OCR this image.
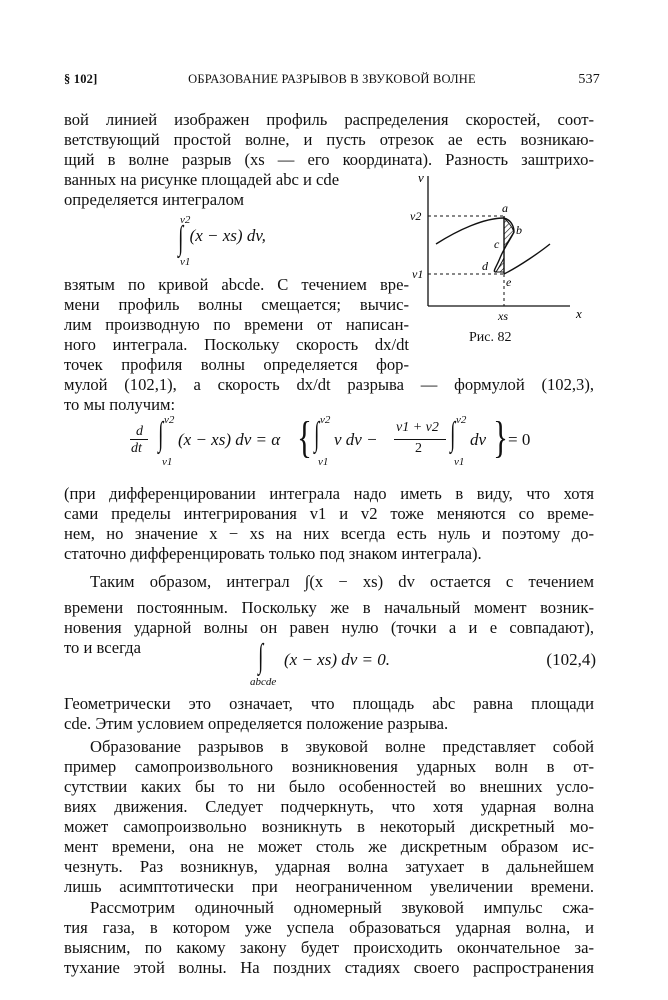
§ 102]	ОБРАЗОВАНИЕ РАЗРЫВОВ В ЗВУКОВОЙ ВОЛНЕ	537
вой линией изображен профиль распределения скоростей, соот-
ветствующий простой волне, и пусть отрезок ae есть возникаю-
щий в волне разрыв (xs — его координата). Разность заштрихо-
ванных на рисунке площадей abc и cde
определяется интегралом
v2
∫
v1
(x − xs) dv,
взятым по кривой abcde. С течением вре-
мени профиль волны смещается; вычис-
лим производную по времени от написан-
ного интеграла. Поскольку скорость dx/dt
точек профиля волны определяется фор-
мулой (102,1), а скорость dx/dt разрыва — формулой (102,3),
то мы получим:
v
x
v2
v1
xs
a
b
c
d
e
Рис. 82
d
dt
v2
∫
v1
(x − xs) dv = α { v2
∫
v1
v dv −
v1 + v2
2
v2
∫
v1
dv } = 0
(при дифференцировании интеграла надо иметь в виду, что хотя
сами пределы интегрирования v1 и v2 тоже меняются со време-
нем, но значение x − xs на них всегда есть нуль и поэтому до-
статочно дифференцировать только под знаком интеграла).
Таким образом, интеграл ∫(x − xs) dv остается с течением
времени постоянным. Поскольку же в начальный момент возник-
новения ударной волны он равен нулю (точки a и e совпадают),
то и всегда	∫
abcde
(x − xs) dv = 0.	(102,4)
Геометрически это означает, что площадь abc равна площади
cde. Этим условием определяется положение разрыва.
Образование разрывов в звуковой волне представляет собой
пример самопроизвольного возникновения ударных волн в от-
сутствии каких бы то ни было особенностей во внешних усло-
виях движения. Следует подчеркнуть, что хотя ударная волна
может самопроизвольно возникнуть в некоторый дискретный мо-
мент времени, она не может столь же дискретным образом ис-
чезнуть. Раз возникнув, ударная волна затухает в дальнейшем
лишь асимптотически при неограниченном увеличении времени.
Рассмотрим одиночный одномерный звуковой импульс сжа-
тия газа, в котором уже успела образоваться ударная волна, и
выясним, по какому закону будет происходить окончательное за-
тухание этой волны. На поздних стадиях своего распространения
